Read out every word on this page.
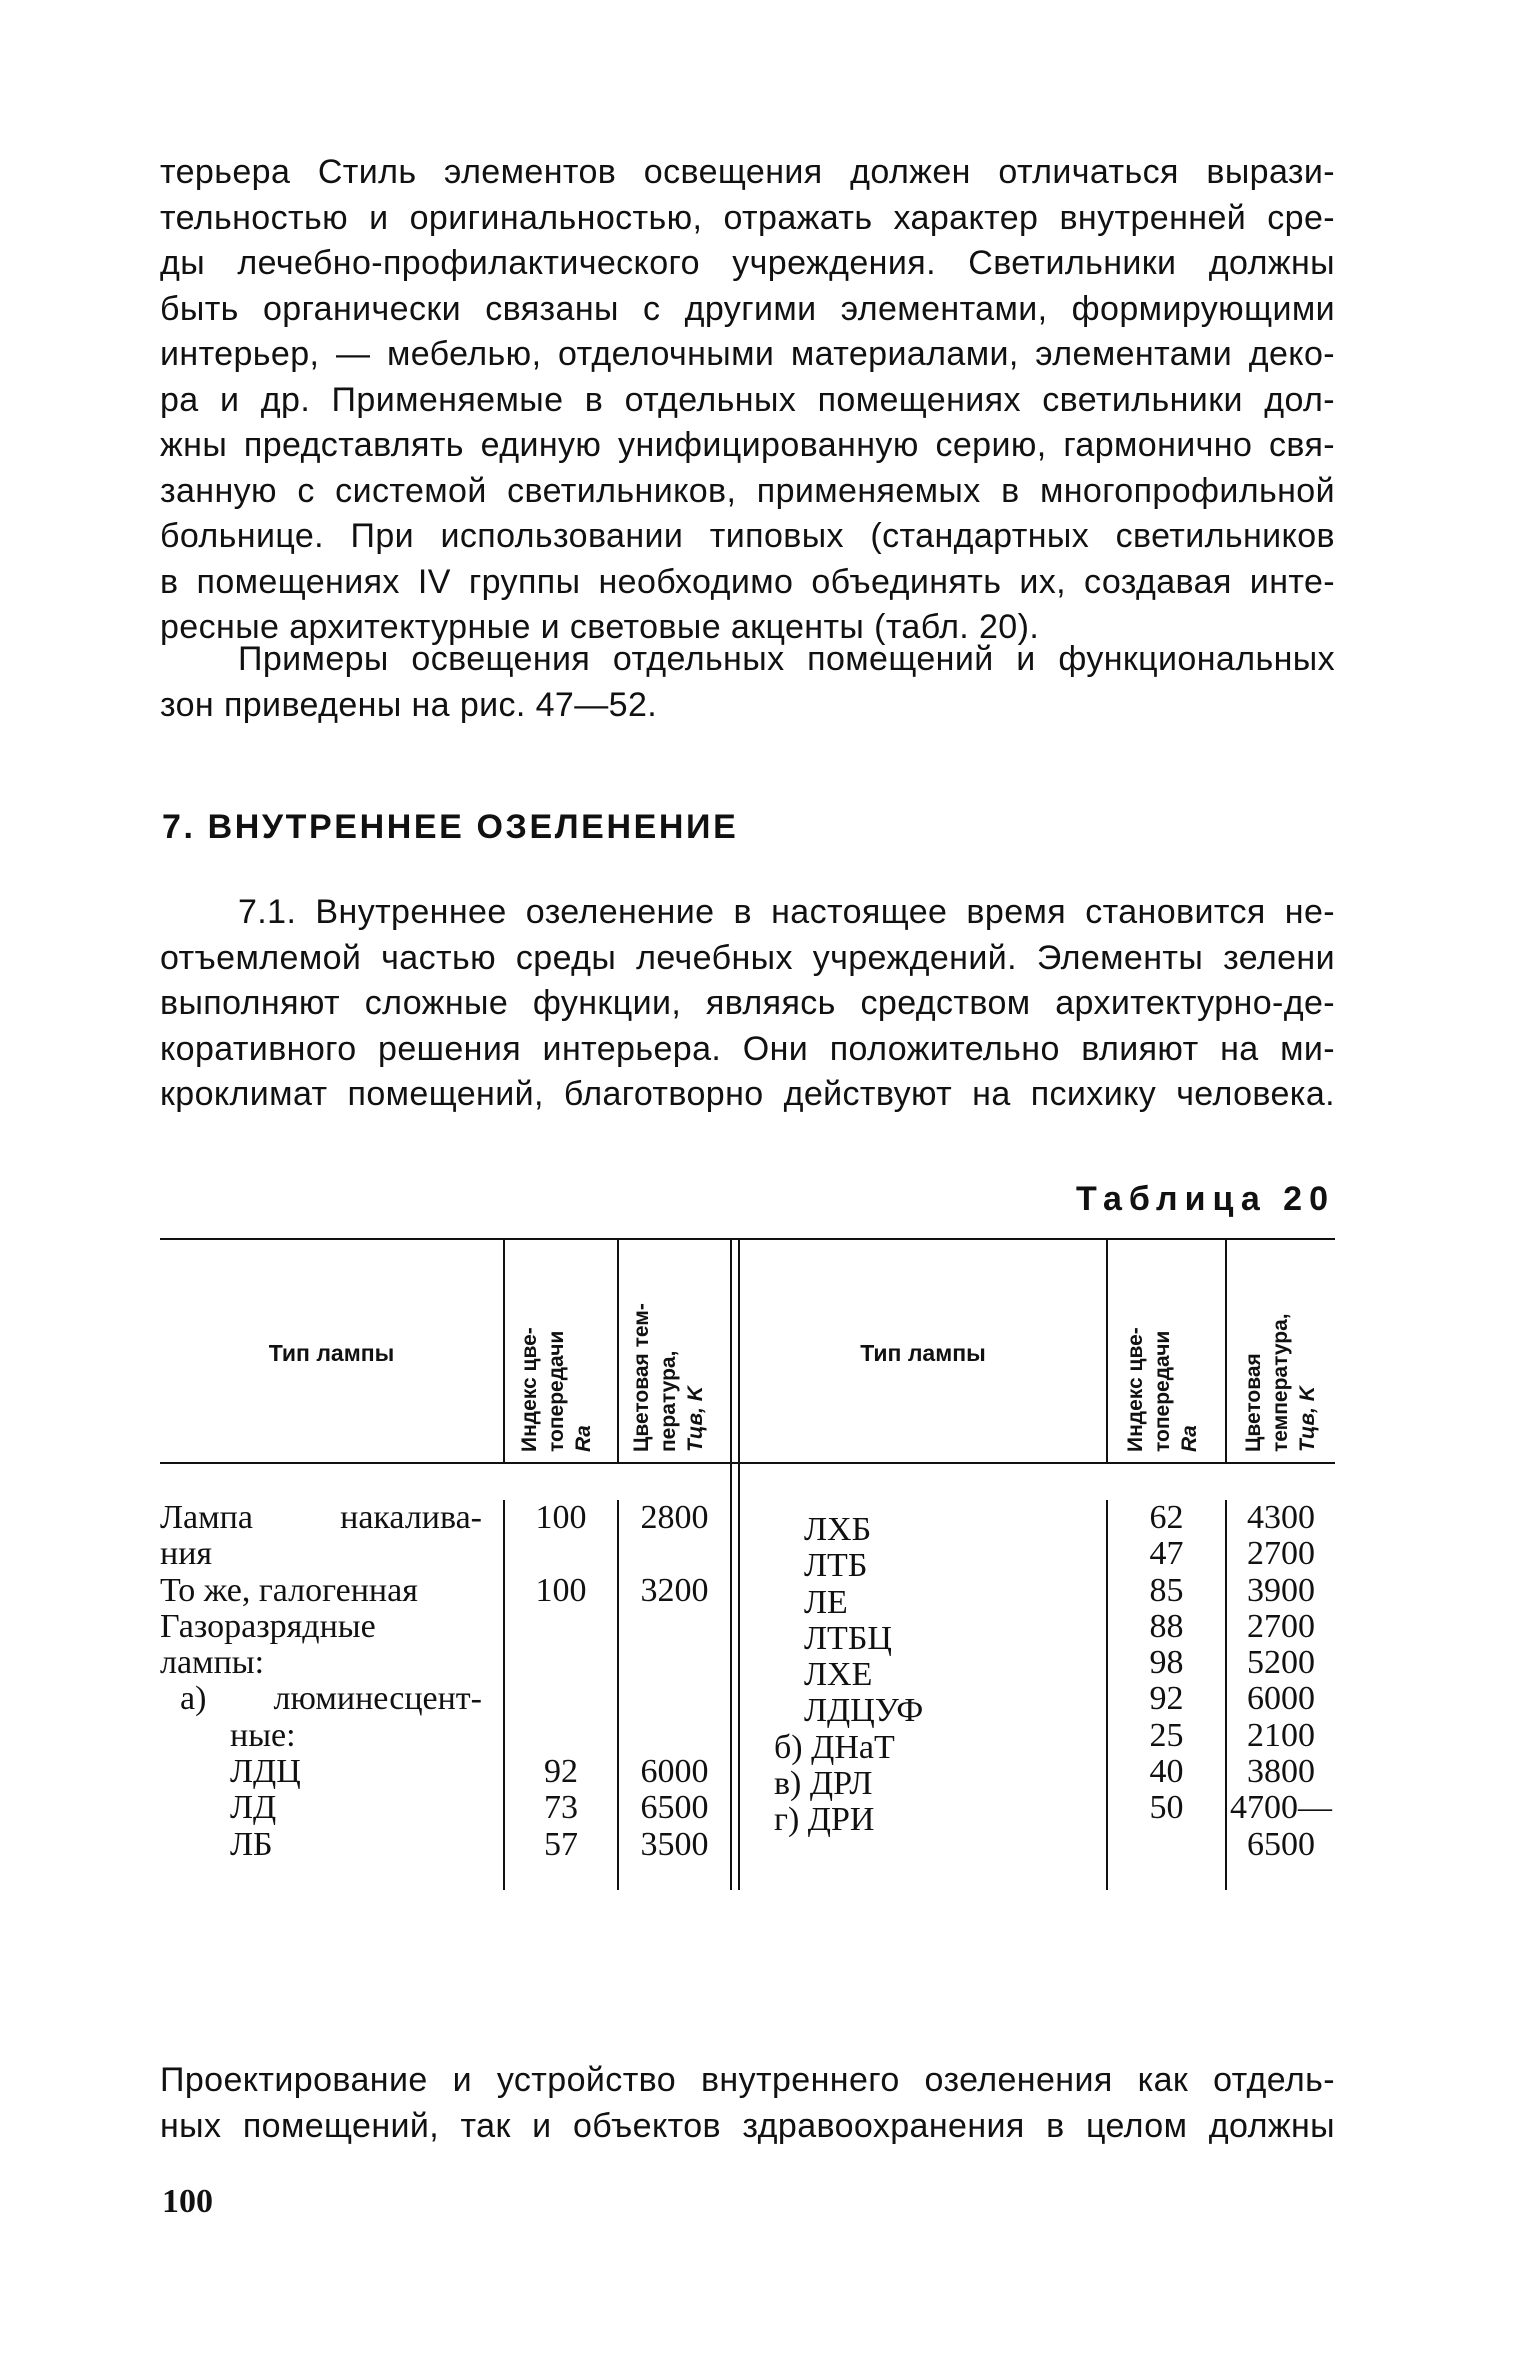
терьера Стиль элементов освещения должен отличаться вырази-
тельностью и оригинальностью, отражать характер внутренней сре-
ды лечебно-профилактического учреждения. Светильники должны
быть органически связаны с другими элементами, формирующими
интерьер, — мебелью, отделочными материалами, элементами деко-
ра и др. Применяемые в отдельных помещениях светильники дол-
жны представлять единую унифицированную серию, гармонично свя-
занную с системой светильников, применяемых в многопрофильной
больнице. При использовании типовых (стандартных светильников
в помещениях IV группы необходимо объединять их, создавая инте-
ресные архитектурные и световые акценты (табл. 20).
Примеры освещения отдельных помещений и функциональных
зон приведены на рис. 47—52.
7. ВНУТРЕННЕЕ ОЗЕЛЕНЕНИЕ
7.1. Внутреннее озеленение в настоящее время становится не-
отъемлемой частью среды лечебных учреждений. Элементы зелени
выполняют сложные функции, являясь средством архитектурно-де-
коративного решения интерьера. Они положительно влияют на ми-
кроклимат помещений, благотворно действуют на психику человека.
Таблица 20
Тип лампы	Тип лампы
Индекс цве- топередачи Ra Цветовая тем- пература, Tцв, K	Индекс цве- топередачи Ra Цветовая температура, Tцв, K
Лампа накалива-
ния
То же, галогенная
Газоразрядные
лампы:
а) люминесцент-
ные:
ЛДЦ
ЛД
ЛБ
100
100
92
73
57
2800
3200
6000
6500
3500
ЛХБ
ЛТБ
ЛЕ
ЛТБЦ
ЛХЕ
ЛДЦУФ
б) ДНаТ
в) ДРЛ
г) ДРИ
62
47
85
88
98
92
25
40
50
4300
2700
3900
2700
5200
6000
2100
3800
4700—
6500
Проектирование и устройство внутреннего озеленения как отдель-
ных помещений, так и объектов здравоохранения в целом должны
100
